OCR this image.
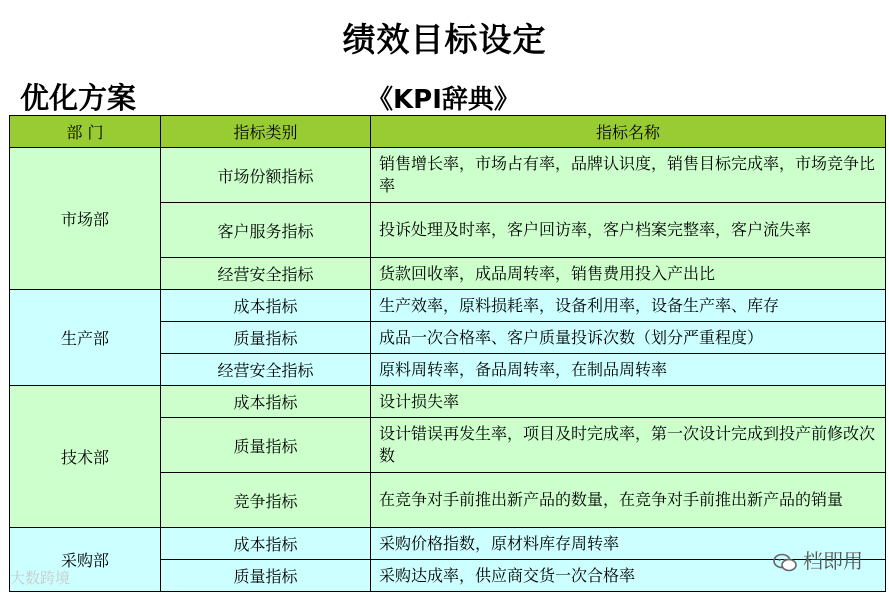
绩效目标设定
优化方案	《KPI辞典》
部 门	指标类别	指标名称
市场部	市场份额指标	销售增长率，市场占有率，品牌认识度，销售目标完成率，市场竞争比率
	客户服务指标	投诉处理及时率，客户回访率，客户档案完整率，客户流失率
	经营安全指标	货款回收率，成品周转率，销售费用投入产出比
生产部	成本指标	生产效率，原料损耗率，设备利用率，设备生产率、库存
	质量指标	成品一次合格率、客户质量投诉次数（划分严重程度）
	经营安全指标	原料周转率，备品周转率，在制品周转率
技术部	成本指标	设计损失率
	质量指标	设计错误再发生率，项目及时完成率，第一次设计完成到投产前修改次数
	竞争指标	在竞争对手前推出新产品的数量，在竞争对手前推出新产品的销量
采购部	成本指标	采购价格指数，原材料库存周转率
	质量指标	采购达成率，供应商交货一次合格率
大数跨境
档即用
